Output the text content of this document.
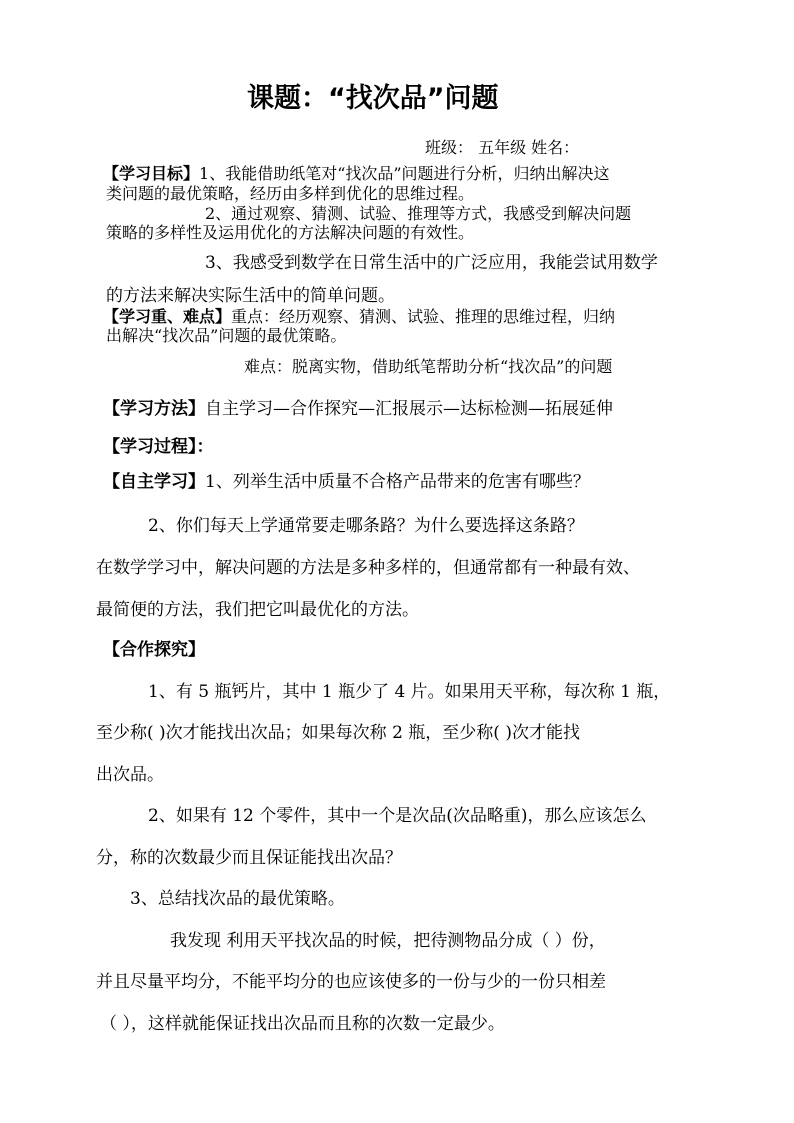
课题：“找次品”问题
班级： 五年级 姓名：
【学习目标】1、我能借助纸笔对“找次品”问题进行分析，归纳出解决这
类问题的最优策略，经历由多样到优化的思维过程。
2、通过观察、猜测、试验、推理等方式，我感受到解决问题
策略的多样性及运用优化的方法解决问题的有效性。
3、我感受到数学在日常生活中的广泛应用，我能尝试用数学
的方法来解决实际生活中的简单问题。
【学习重、难点】重点：经历观察、猜测、试验、推理的思维过程，归纳
出解决“找次品”问题的最优策略。
难点：脱离实物，借助纸笔帮助分析“找次品”的问题
【学习方法】自主学习—合作探究—汇报展示—达标检测—拓展延伸
【学习过程】：
【自主学习】1、列举生活中质量不合格产品带来的危害有哪些？
2、你们每天上学通常要走哪条路？为什么要选择这条路？
在数学学习中，解决问题的方法是多种多样的，但通常都有一种最有效、
最简便的方法，我们把它叫最优化的方法。
【合作探究】
1、有 5 瓶钙片，其中 1 瓶少了 4 片。如果用天平称，每次称 1 瓶，
至少称( )次才能找出次品；如果每次称 2 瓶，至少称( )次才能找
出次品。
2、如果有 12 个零件，其中一个是次品(次品略重)，那么应该怎么
分，称的次数最少而且保证能找出次品？
3、总结找次品的最优策略。
我发现 利用天平找次品的时候，把待测物品分成（ ）份，
并且尽量平均分，不能平均分的也应该使多的一份与少的一份只相差
（ ），这样就能保证找出次品而且称的次数一定最少。
